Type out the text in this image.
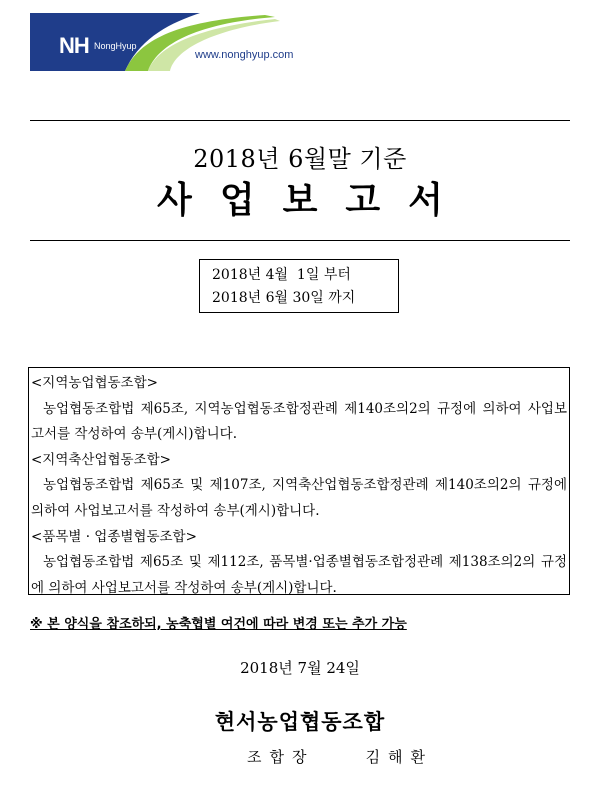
NH NongHyup
www.nonghyup.com
2018년 6월말 기준
사업보고서
2018년 4월  1일 부터
2018년 6월 30일 까지
<지역농업협동조합>
농업협동조합법 제65조, 지역농업협동조합정관례 제140조의2의 규정에 의하여 사업보고서를 작성하여 송부(게시)합니다.
<지역축산업협동조합>
농업협동조합법 제65조 및 제107조, 지역축산업협동조합정관례 제140조의2의 규정에 의하여 사업보고서를 작성하여 송부(게시)합니다.
<품목별 · 업종별협동조합>
농업협동조합법 제65조 및 제112조, 품목별·업종별협동조합정관례 제138조의2의 규정에 의하여 사업보고서를 작성하여 송부(게시)합니다.
※ 본 양식을 참조하되, 농축협별 여건에 따라 변경 또는 추가 가능
2018년 7월 24일
현서농업협동조합
조합장	김해환
